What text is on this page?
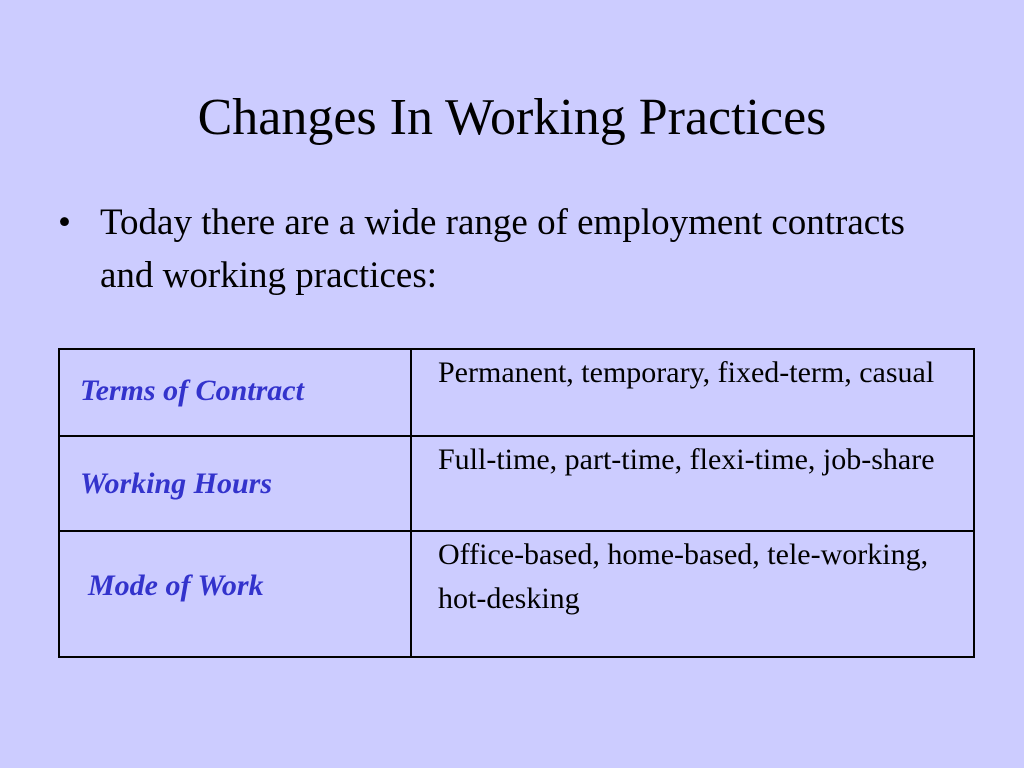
Changes In Working Practices
• Today there are a wide range of employment contracts and working practices:
Terms of Contract	Permanent, temporary, fixed-term, casual

Working Hours	Full-time, part-time, flexi-time, job-share

Mode of Work	Office-based, home-based, tele-working, hot-desking
